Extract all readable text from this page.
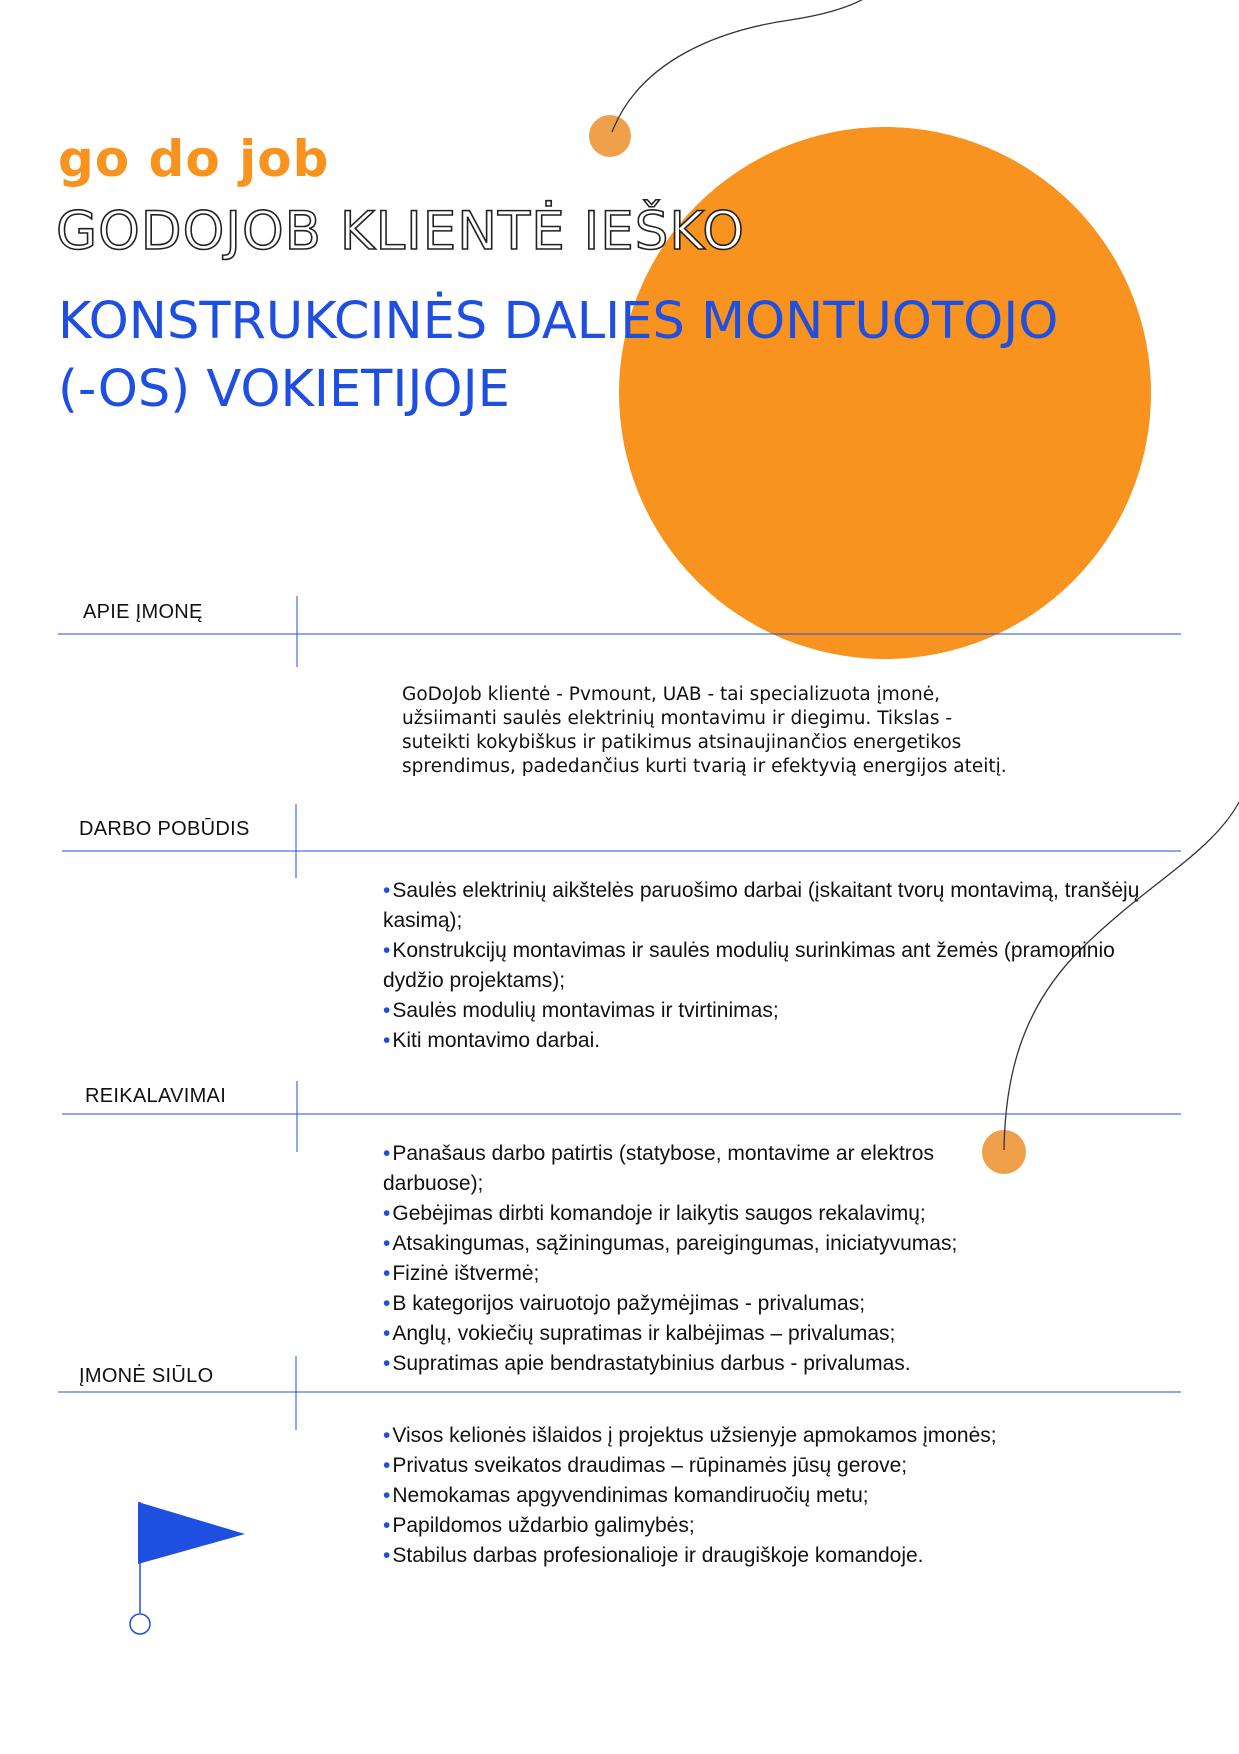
go do job
GODOJOB KLIENTĖ IEŠKO
KONSTRUKCINĖS DALIES MONTUOTOJO
(-OS) VOKIETIJOJE
APIE ĮMONĘ

GoDoJob klientė - Pvmount, UAB - tai specializuota įmonė,
užsiimanti saulės elektrinių montavimu ir diegimu. Tikslas -
suteikti kokybiškus ir patikimus atsinaujinančios energetikos
sprendimus, padedančius kurti tvarią ir efektyvią energijos ateitį.

DARBO POBŪDIS
• Saulės elektrinių aikštelės paruošimo darbai (įskaitant tvorų montavimą, tranšėjų
kasimą);
• Konstrukcijų montavimas ir saulės modulių surinkimas ant žemės (pramoninio
dydžio projektams);
• Saulės modulių montavimas ir tvirtinimas;
• Kiti montavimo darbai.
REIKALAVIMAI
• Panašaus darbo patirtis (statybose, montavime ar elektros
darbuose);
• Gebėjimas dirbti komandoje ir laikytis saugos rekalavimų;
• Atsakingumas, sąžiningumas, pareigingumas, iniciatyvumas;
• Fizinė ištvermė;
• B kategorijos vairuotojo pažymėjimas - privalumas;
• Anglų, vokiečių supratimas ir kalbėjimas – privalumas;
• Supratimas apie bendrastatybinius darbus - privalumas.
ĮMONĖ SIŪLO
• Visos kelionės išlaidos į projektus užsienyje apmokamos įmonės;
• Privatus sveikatos draudimas – rūpinamės jūsų gerove;
• Nemokamas apgyvendinimas komandiruočių metu;
• Papildomos uždarbio galimybės;
• Stabilus darbas profesionalioje ir draugiškoje komandoje.
